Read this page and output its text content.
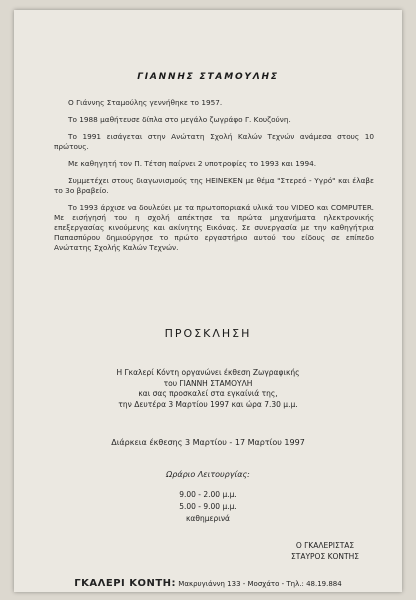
ΓΙΑΝΝΗΣ ΣΤΑΜΟΥΛΗΣ

Ο Γιάννης Σταμούλης γεννήθηκε το 1957.

Το 1988 μαθήτευσε δίπλα στο μεγάλο ζωγράφο Γ. Κουζούνη.

Το 1991 εισάγεται στην Ανώτατη Σχολή Καλών Τεχνών ανάμεσα στους 10 πρώτους.

Με καθηγητή τον Π. Τέτση παίρνει 2 υποτροφίες το 1993 και 1994.

Συμμετέχει στους διαγωνισμούς της HEINEKEN με θέμα "Στερεό - Υγρό" και έλαβε το 3ο βραβείο.

Το 1993 άρχισε να δουλεύει με τα πρωτοποριακά υλικά του VIDEO και COMPUTER. Με εισήγησή του η σχολή απέκτησε τα πρώτα μηχανήματα ηλεκτρονικής επεξεργασίας κινούμενης και ακίνητης Εικόνας. Σε συνεργασία με την καθηγήτρια Παπασπύρου δημιούργησε το πρώτο εργαστήριο αυτού του είδους σε επίπεδο Ανώτατης Σχολής Καλών Τεχνών.

ΠΡΟΣΚΛΗΣΗ
Η Γκαλερί Κόντη οργανώνει έκθεση Ζωγραφικής
του ΓΙΑΝΝΗ ΣΤΑΜΟΥΛΗ
και σας προσκαλεί στα εγκαίνιά της,
την Δευτέρα 3 Μαρτίου 1997 και ώρα 7.30 μ.μ.
Διάρκεια έκθεσης 3 Μαρτίου - 17 Μαρτίου 1997
Ωράριο Λειτουργίας:
9.00 - 2.00 μ.μ.
5.00 - 9.00 μ.μ.
καθημερινά
Ο ΓΚΑΛΕΡΙΣΤΑΣ
ΣΤΑΥΡΟΣ ΚΟΝΤΗΣ
ΓΚΑΛΕΡΙ ΚΟΝΤΗ: Μακρυγιάννη 133 - Μοσχάτο - Τηλ.: 48.19.884
